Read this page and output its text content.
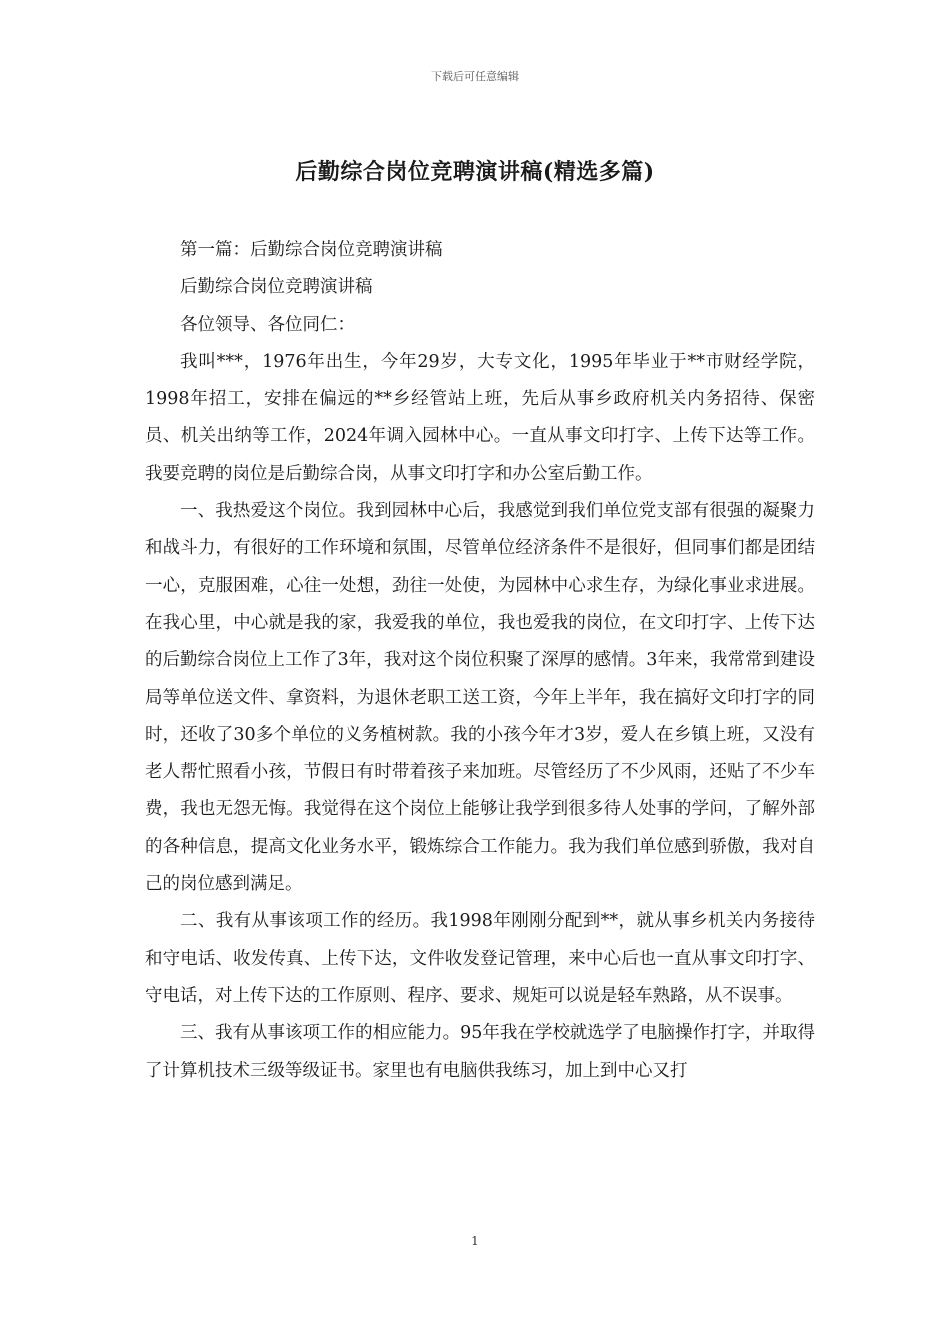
下载后可任意编辑
后勤综合岗位竞聘演讲稿(精选多篇)

第一篇：后勤综合岗位竞聘演讲稿

后勤综合岗位竞聘演讲稿

各位领导、各位同仁：

我叫***，1976年出生，今年29岁，大专文化，1995年毕业于**市财经学院，1998年招工，安排在偏远的**乡经管站上班，先后从事乡政府机关内务招待、保密员、机关出纳等工作，2024年调入园林中心。一直从事文印打字、上传下达等工作。我要竞聘的岗位是后勤综合岗，从事文印打字和办公室后勤工作。

一、我热爱这个岗位。我到园林中心后，我感觉到我们单位党支部有很强的凝聚力和战斗力，有很好的工作环境和氛围，尽管单位经济条件不是很好，但同事们都是团结一心，克服困难，心往一处想，劲往一处使，为园林中心求生存，为绿化事业求进展。在我心里，中心就是我的家，我爱我的单位，我也爱我的岗位，在文印打字、上传下达的后勤综合岗位上工作了3年，我对这个岗位积聚了深厚的感情。3年来，我常常到建设局等单位送文件、拿资料，为退休老职工送工资，今年上半年，我在搞好文印打字的同时，还收了30多个单位的义务植树款。我的小孩今年才3岁，爱人在乡镇上班，又没有老人帮忙照看小孩，节假日有时带着孩子来加班。尽管经历了不少风雨，还贴了不少车费，我也无怨无悔。我觉得在这个岗位上能够让我学到很多待人处事的学问，了解外部的各种信息，提高文化业务水平，锻炼综合工作能力。我为我们单位感到骄傲，我对自己的岗位感到满足。

二、我有从事该项工作的经历。我1998年刚刚分配到**，就从事乡机关内务接待和守电话、收发传真、上传下达，文件收发登记管理，来中心后也一直从事文印打字、守电话，对上传下达的工作原则、程序、要求、规矩可以说是轻车熟路，从不误事。

三、我有从事该项工作的相应能力。95年我在学校就选学了电脑操作打字，并取得了计算机技术三级等级证书。家里也有电脑供我练习，加上到中心又打

1
